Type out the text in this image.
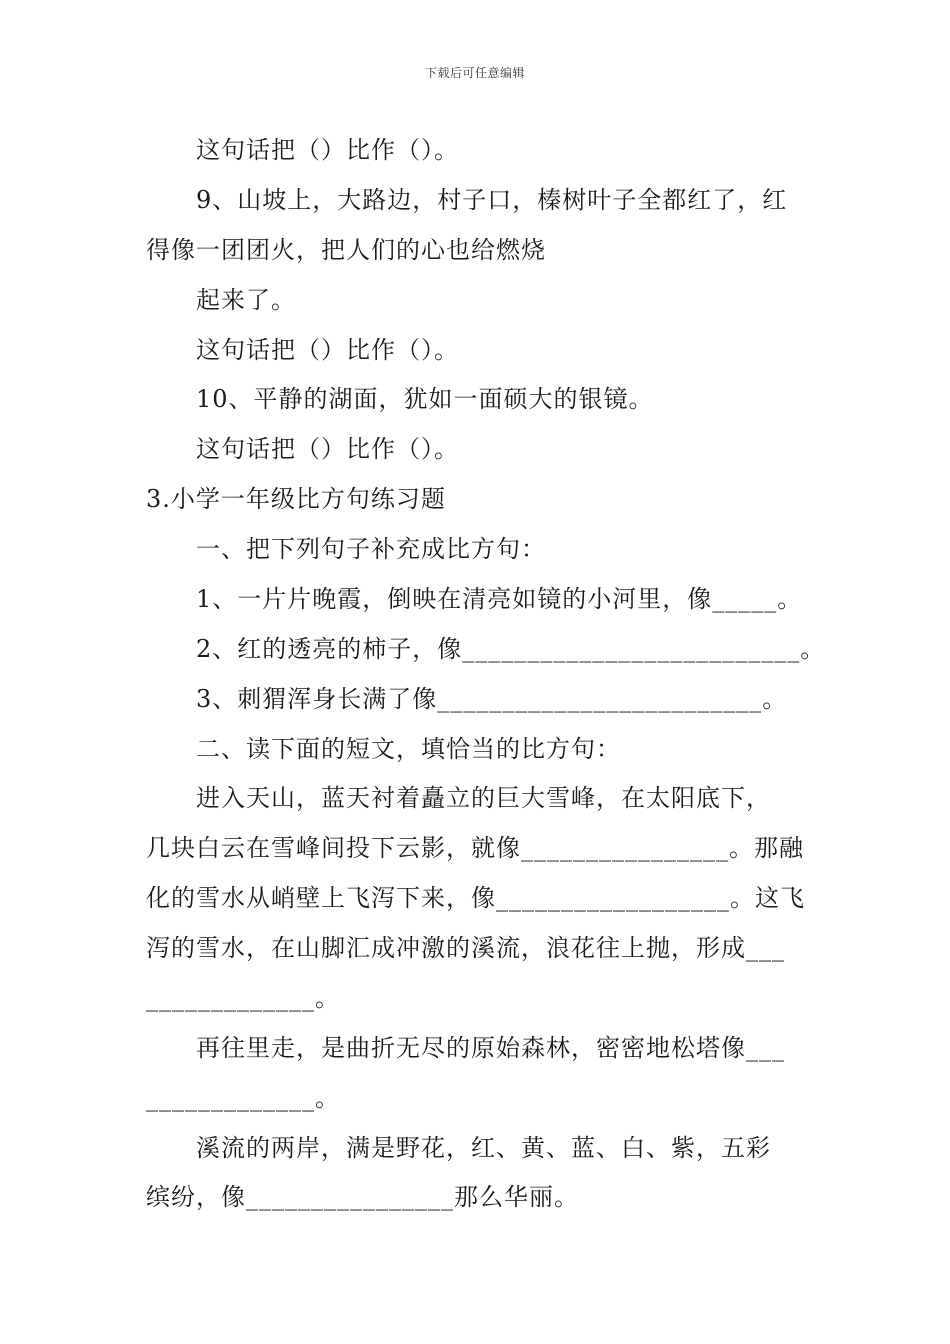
下载后可任意编辑
这句话把（）比作（）。
9、山坡上，大路边，村子口，榛树叶子全都红了，红
得像一团团火，把人们的心也给燃烧
起来了。
这句话把（）比作（）。
10、平静的湖面，犹如一面硕大的银镜。
这句话把（）比作（）。
3.小学一年级比方句练习题
一、把下列句子补充成比方句：
1、一片片晚霞，倒映在清亮如镜的小河里，像_____。
2、红的透亮的柿子，像__________________________。
3、刺猬浑身长满了像_________________________。
二、读下面的短文，填恰当的比方句：
进入天山，蓝天衬着矗立的巨大雪峰，在太阳底下，
几块白云在雪峰间投下云影，就像________________。那融
化的雪水从峭壁上飞泻下来，像__________________。这飞
泻的雪水，在山脚汇成冲激的溪流，浪花往上抛，形成___
_____________。
再往里走，是曲折无尽的原始森林，密密地松塔像___
_____________。
溪流的两岸，满是野花，红、黄、蓝、白、紫，五彩
缤纷，像________________那么华丽。
